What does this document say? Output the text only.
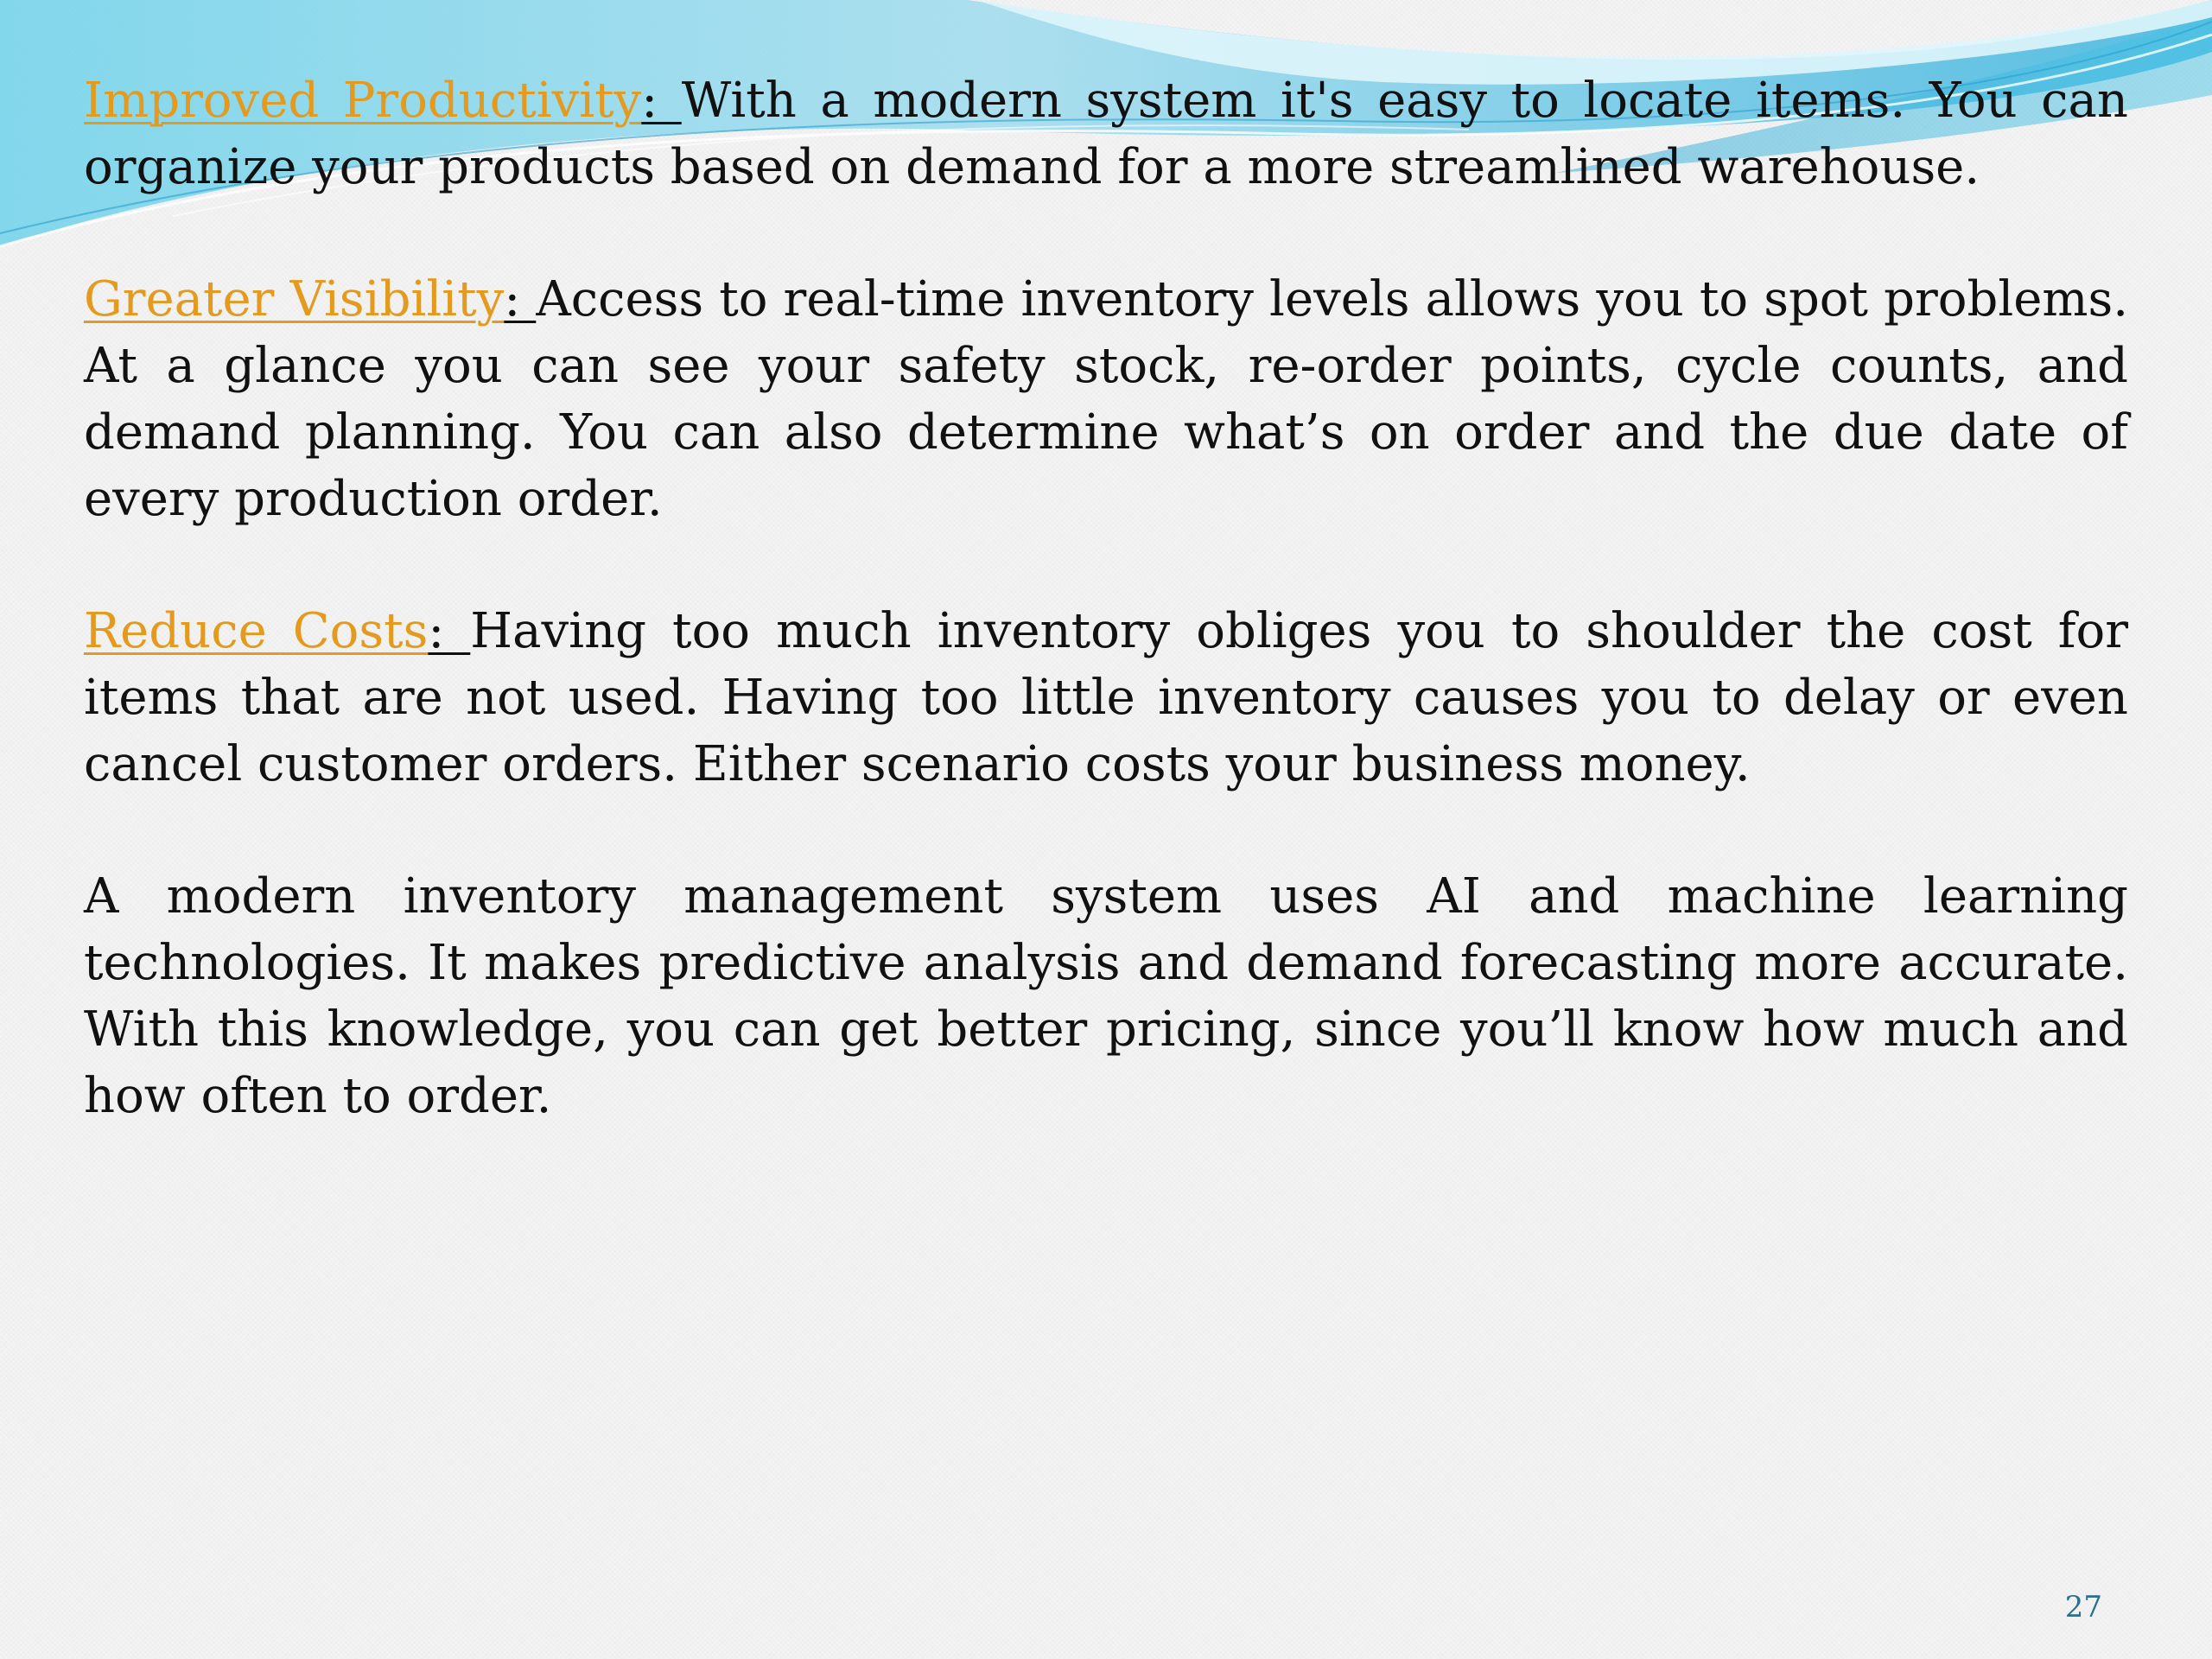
Improved Productivity: With a modern system it's easy to locate items. You can organize your products based on demand for a more streamlined warehouse.

Greater Visibility: Access to real-time inventory levels allows you to spot problems. At a glance you can see your safety stock, re-order points, cycle counts, and demand planning. You can also determine what’s on order and the due date of every production order.

Reduce Costs: Having too much inventory obliges you to shoulder the cost for items that are not used. Having too little inventory causes you to delay or even cancel customer orders. Either scenario costs your business money.

A modern inventory management system uses AI and machine learning technologies. It makes predictive analysis and demand forecasting more accurate. With this knowledge, you can get better pricing, since you’ll know how much and how often to order.

27
